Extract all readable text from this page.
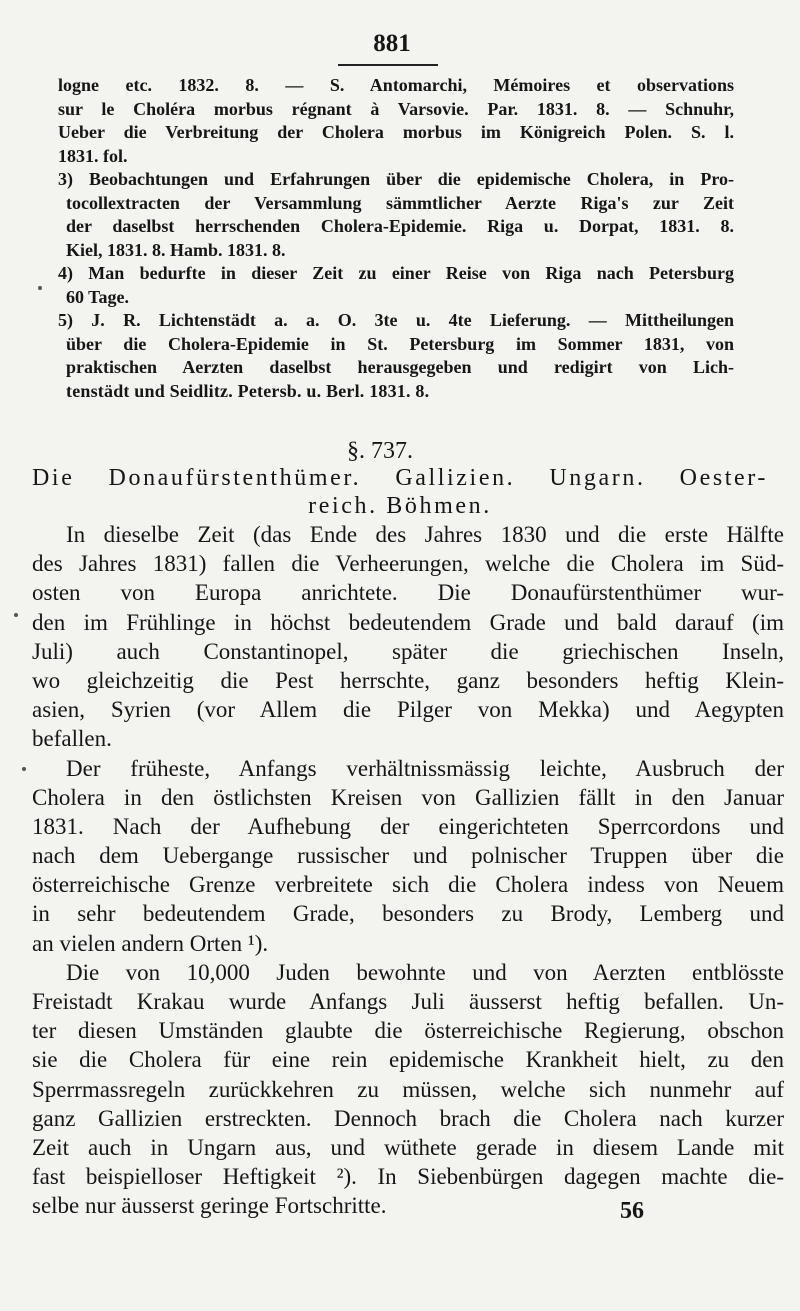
881
logne etc. 1832. 8. — S. Antomarchi, Mémoires et observations
sur le Choléra morbus régnant à Varsovie. Par. 1831. 8. — Schnuhr,
Ueber die Verbreitung der Cholera morbus im Königreich Polen. S. l.
1831. fol.
3) Beobachtungen und Erfahrungen über die epidemische Cholera, in Pro-
tocollextracten der Versammlung sämmtlicher Aerzte Riga's zur Zeit
der daselbst herrschenden Cholera-Epidemie. Riga u. Dorpat, 1831. 8.
Kiel, 1831. 8. Hamb. 1831. 8.
4) Man bedurfte in dieser Zeit zu einer Reise von Riga nach Petersburg
60 Tage.
5) J. R. Lichtenstädt a. a. O. 3te u. 4te Lieferung. — Mittheilungen
über die Cholera-Epidemie in St. Petersburg im Sommer 1831, von
praktischen Aerzten daselbst herausgegeben und redigirt von Lich-
tenstädt und Seidlitz. Petersb. u. Berl. 1831. 8.
§. 737.
Die Donaufürstenthümer. Gallizien. Ungarn. Oester-
reich. Böhmen.
In dieselbe Zeit (das Ende des Jahres 1830 und die erste Hälfte
des Jahres 1831) fallen die Verheerungen, welche die Cholera im Süd-
osten von Europa anrichtete. Die Donaufürstenthümer wur-
den im Frühlinge in höchst bedeutendem Grade und bald darauf (im
Juli) auch Constantinopel, später die griechischen Inseln,
wo gleichzeitig die Pest herrschte, ganz besonders heftig Klein-
asien, Syrien (vor Allem die Pilger von Mekka) und Aegypten
befallen.
Der früheste, Anfangs verhältnissmässig leichte, Ausbruch der
Cholera in den östlichsten Kreisen von Gallizien fällt in den Januar
1831. Nach der Aufhebung der eingerichteten Sperrcordons und
nach dem Uebergange russischer und polnischer Truppen über die
österreichische Grenze verbreitete sich die Cholera indess von Neuem
in sehr bedeutendem Grade, besonders zu Brody, Lemberg und
an vielen andern Orten ¹).
Die von 10,000 Juden bewohnte und von Aerzten entblösste
Freistadt Krakau wurde Anfangs Juli äusserst heftig befallen. Un-
ter diesen Umständen glaubte die österreichische Regierung, obschon
sie die Cholera für eine rein epidemische Krankheit hielt, zu den
Sperrmassregeln zurückkehren zu müssen, welche sich nunmehr auf
ganz Gallizien erstreckten. Dennoch brach die Cholera nach kurzer
Zeit auch in Ungarn aus, und wüthete gerade in diesem Lande mit
fast beispielloser Heftigkeit ²). In Siebenbürgen dagegen machte die-
selbe nur äusserst geringe Fortschritte.	56
